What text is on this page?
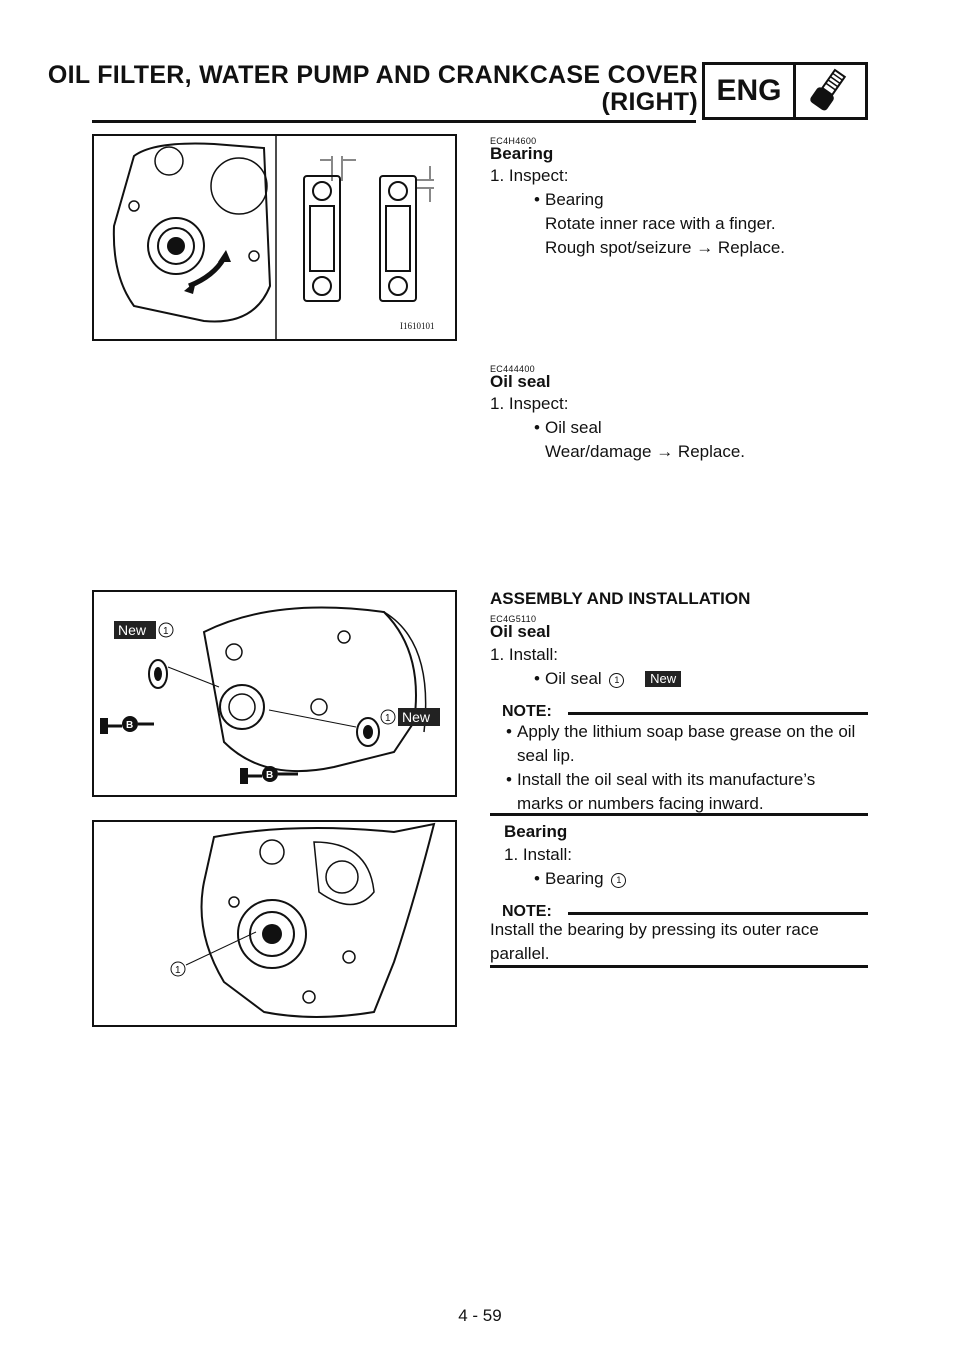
OIL FILTER, WATER PUMP AND CRANKCASE COVER
(RIGHT) ENG
I1610101
B
B
New 1
1 New
1
EC4H4600
Bearing
1. Inspect:
• Bearing
Rotate inner race with a finger.
Rough spot/seizure → Replace.
EC444400
Oil seal
1. Inspect:
• Oil seal
Wear/damage → Replace.
ASSEMBLY AND INSTALLATION
EC4G5110
Oil seal
1. Install:
• Oil seal 1 New
NOTE:
• Apply the lithium soap base grease on the oil
seal lip.
• Install the oil seal with its manufacture’s
marks or numbers facing inward.
Bearing
1. Install:
• Bearing 1
NOTE:
Install the bearing by pressing its outer race
parallel.
4 - 59
